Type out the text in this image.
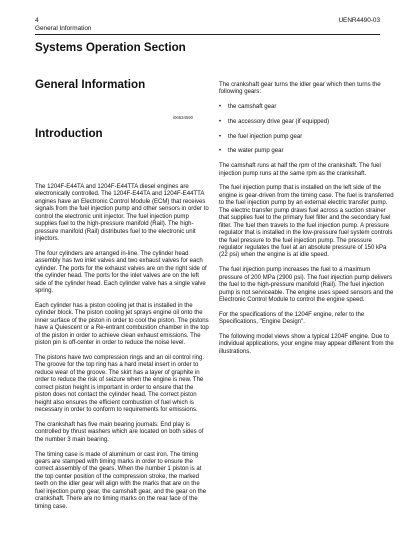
4
General Information
UENR4490-03
Systems Operation Section
General Information
i06634590
Introduction

The 1204F-E44TA and 1204F-E44TTA diesel engines are electronically controlled. The 1204F-E44TA and 1204F-E44TTA engines have an Electronic Control Module (ECM) that receives signals from the fuel injection pump and other sensors in order to control the electronic unit injector. The fuel injection pump supplies fuel to the high-pressure manifold (Rail). The high-pressure manifold (Rail) distributes fuel to the electronic unit injectors.

The four cylinders are arranged in-line. The cylinder head assembly has two inlet valves and two exhaust valves for each cylinder. The ports for the exhaust valves are on the right side of the cylinder head. The ports for the inlet valves are on the left side of the cylinder head. Each cylinder valve has a single valve spring.

Each cylinder has a piston cooling jet that is installed in the cylinder block. The piston cooling jet sprays engine oil onto the inner surface of the piston in order to cool the piston. The pistons have a Quiescent or a Re-entrant combustion chamber in the top of the piston in order to achieve clean exhaust emissions. The piston pin is off-center in order to reduce the noise level.

The pistons have two compression rings and an oil control ring. The groove for the top ring has a hard metal insert in order to reduce wear of the groove. The skirt has a layer of graphite in order to reduce the risk of seizure when the engine is new. The correct piston height is important in order to ensure that the piston does not contact the cylinder head. The correct piston height also ensures the efficient combustion of fuel which is necessary in order to conform to requirements for emissions.

The crankshaft has five main bearing journals. End play is controlled by thrust washers which are located on both sides of the number 3 main bearing.

The timing case is made of aluminum or cast iron. The timing gears are stamped with timing marks in order to ensure the correct assembly of the gears. When the number 1 piston is at the top center position of the compression stroke, the marked teeth on the idler gear will align with the marks that are on the fuel injection pump gear, the camshaft gear, and the gear on the crankshaft. There are no timing marks on the rear face of the timing case.

The crankshaft gear turns the idler gear which then turns the following gears:

• the camshaft gear
• the accessory drive gear (if equipped)
• the fuel injection pump gear
• the water pump gear

The camshaft runs at half the rpm of the crankshaft. The fuel injection pump runs at the same rpm as the crankshaft.

The fuel injection pump that is installed on the left side of the engine is gear-driven from the timing case. The fuel is transferred to the fuel injection pump by an external electric transfer pump. The electric transfer pump draws fuel across a suction strainer that supplies fuel to the primary fuel filter and the secondary fuel filter. The fuel then travels to the fuel injection pump. A pressure regulator that is installed in the low-pressure fuel system controls the fuel pressure to the fuel injection pump. The pressure regulator regulates the fuel at an absolute pressure of 150 kPa (22 psi) when the engine is at idle speed.

The fuel injection pump increases the fuel to a maximum pressure of 200 MPa (2900 psi). The fuel injection pump delivers the fuel to the high-pressure manifold (Rail). The fuel injection pump is not serviceable. The engine uses speed sensors and the Electronic Control Module to control the engine speed.

For the specifications of the 1204F engine, refer to the Specifications, "Engine Design".

The following model views show a typical 1204F engine. Due to individual applications, your engine may appear different from the illustrations.
